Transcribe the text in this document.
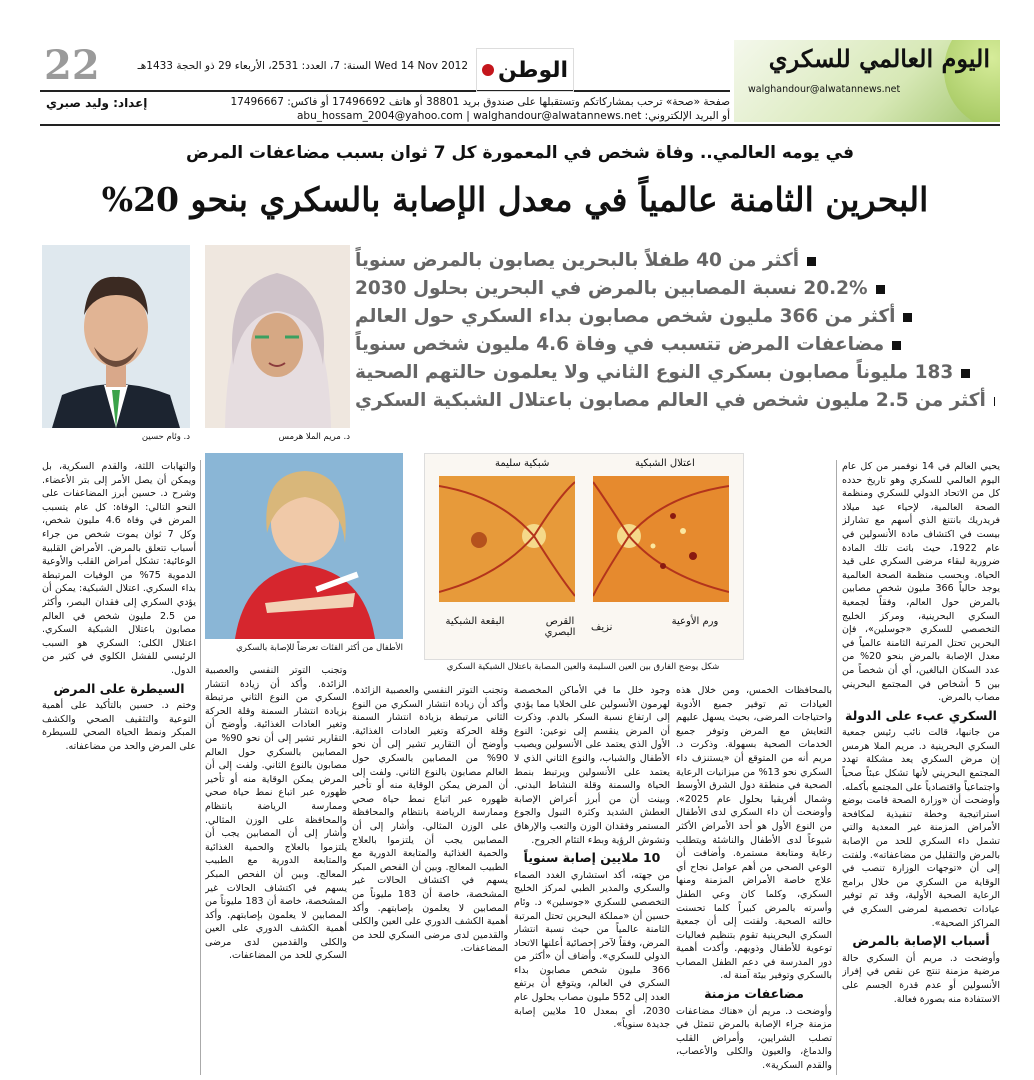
22	Wed 14 Nov 2012 السنة: 7، العدد: 2531، الأربعاء 29 ذو الحجة 1433هـ الوطن
إعداد: وليد صبري	صفحة «صحة» ترحب بمشاركاتكم وتستقبلها على صندوق بريد 38801 أو هاتف 17496692 أو فاكس: 17496667
أو البريد الإلكتروني: abu_hossam_2004@yahoo.com | walghandour@alwatannews.net
اليوم العالمي للسكري
walghandour@alwatannews.net
في يومه العالمي.. وفاة شخص في المعمورة كل 7 ثوان بسبب مضاعفات المرض
البحرين الثامنة عالمياً في معدل الإصابة بالسكري بنحو 20%
د. وئام حسين	د. مريم الملا هرمس
أكثر من 40 طفلاً بالبحرين يصابون بالمرض سنوياً
20.2% نسبة المصابين بالمرض في البحرين بحلول 2030
أكثر من 366 مليون شخص مصابون بداء السكري حول العالم
مضاعفات المرض تتسبب في وفاة 4.6 مليون شخص سنوياً
183 مليوناً مصابون بسكري النوع الثاني ولا يعلمون حالتهم الصحية
أكثر من 2.5 مليون شخص في العالم مصابون باعتلال الشبكية السكري
الأطفال من أكثر الفئات تعرضاً للإصابة بالسكري
اعتلال الشبكية
شبكية سليمة
نزيف
ورم الأوعية
القرص البصري
البقعة الشبكية
شكل يوضح الفارق بين العين السليمة والعين المصابة باعتلال الشبكية السكري

يحيي العالم في 14 نوفمبر من كل عام اليوم العالمي للسكري وهو تاريخ حدده كل من الاتحاد الدولي للسكري ومنظمة الصحة العالمية، لإحياء عيد ميلاد فريدريك بانتنغ الذي أسهم مع تشارلز بيست في اكتشاف مادة الأنسولين في عام 1922، حيث باتت تلك المادة ضرورية لبقاء مرضى السكري على قيد الحياة. وبحسب منظمة الصحة العالمية يوجد حالياً 366 مليون شخص مصابين بالمرض حول العالم، وفقاً لجمعية السكري البحرينية، ومركز الخليج التخصصي للسكري «جوسلين»، فإن البحرين تحتل المرتبة الثامنة عالمياً في معدل الإصابة بالمرض بنحو 20% من عدد السكان البالغين، أي أن شخصاً من بين 5 أشخاص في المجتمع البحريني مصاب بالمرض.

السكري عبء على الدولة

من جانبها، قالت نائب رئيس جمعية السكري البحرينية د. مريم الملا هرمس إن مرض السكري يعد مشكلة تهدد المجتمع البحريني لأنها تشكل عبئاً صحياً واجتماعياً واقتصادياً على المجتمع بأكمله. وأوضحت أن «وزارة الصحة قامت بوضع استراتيجية وخطة تنفيذية لمكافحة الأمراض المزمنة غير المعدية والتي تشمل داء السكري للحد من الإصابة بالمرض والتقليل من مضاعفاته». ولفتت إلى أن «توجهات الوزارة تنصب في الوقاية من السكري من خلال برامج الرعاية الصحية الأولية، وقد تم توفير عيادات تخصصية لمرضى السكري في المراكز الصحية».

أسباب الإصابة بالمرض

وأوضحت د. مريم أن السكري حالة مرضية مزمنة تنتج عن نقص في إفراز الأنسولين أو عدم قدرة الجسم على الاستفادة منه بصورة فعالة.

بالمحافظات الخمس، ومن خلال هذه العيادات تم توفير جميع الأدوية واحتياجات المرضى، بحيث يسهل عليهم التعايش مع المرض وتوفر جميع الخدمات الصحية بسهولة. وذكرت د. مريم أنه من المتوقع أن «يستنزف داء السكري نحو 13% من ميزانيات الرعاية الصحية في منطقة دول الشرق الأوسط وشمال أفريقيا بحلول عام 2025». وأوضحت أن داء السكري لدى الأطفال من النوع الأول هو أحد الأمراض الأكثر شيوعاً لدى الأطفال والناشئة ويتطلب رعاية ومتابعة مستمرة. وأضافت أن الوعي الصحي من أهم عوامل نجاح أي علاج خاصة الأمراض المزمنة ومنها السكري، وكلما كان وعي الطفل وأسرته بالمرض كبيراً كلما تحسنت حالته الصحية. ولفتت إلى أن جمعية السكري البحرينية تقوم بتنظيم فعاليات توعوية للأطفال وذويهم. وأكدت أهمية دور المدرسة في دعم الطفل المصاب بالسكري وتوفير بيئة آمنة له.

مضاعفات مزمنة

وأوضحت د. مريم أن «هناك مضاعفات مزمنة جراء الإصابة بالمرض تتمثل في تصلب الشرايين، وأمراض القلب والدماغ، والعيون والكلى والأعصاب، والقدم السكرية».

وجود خلل ما في الأماكن المخصصة لهرمون الأنسولين على الخلايا مما يؤدي إلى ارتفاع نسبة السكر بالدم. وذكرت أن المرض ينقسم إلى نوعين: النوع الأول الذي يعتمد على الأنسولين ويصيب الأطفال والشباب، والنوع الثاني الذي لا يعتمد على الأنسولين ويرتبط بنمط الحياة والسمنة وقلة النشاط البدني. وبينت أن من أبرز أعراض الإصابة العطش الشديد وكثرة التبول والجوع المستمر وفقدان الوزن والتعب والإرهاق وتشوش الرؤية وبطء التئام الجروح.

10 ملايين إصابة سنوياً

من جهته، أكد استشاري الغدد الصماء والسكري والمدير الطبي لمركز الخليج التخصصي للسكري «جوسلين» د. وئام حسين أن «مملكة البحرين تحتل المرتبة الثامنة عالمياً من حيث نسبة انتشار المرض، وفقاً لآخر إحصائية أعلنها الاتحاد الدولي للسكري». وأضاف أن «أكثر من 366 مليون شخص مصابون بداء السكري في العالم، ويتوقع أن يرتفع العدد إلى 552 مليون مصاب بحلول عام 2030، أي بمعدل 10 ملايين إصابة جديدة سنوياً».

وتجنب التوتر النفسي والعصبية الزائدة. وأكد أن زيادة انتشار السكري من النوع الثاني مرتبطة بزيادة انتشار السمنة وقلة الحركة وتغير العادات الغذائية. وأوضح أن التقارير تشير إلى أن نحو 90% من المصابين بالسكري حول العالم مصابون بالنوع الثاني. ولفت إلى أن المرض يمكن الوقاية منه أو تأخير ظهوره عبر اتباع نمط حياة صحي وممارسة الرياضة بانتظام والمحافظة على الوزن المثالي. وأشار إلى أن المصابين يجب أن يلتزموا بالعلاج والحمية الغذائية والمتابعة الدورية مع الطبيب المعالج. وبين أن الفحص المبكر يسهم في اكتشاف الحالات غير المشخصة، خاصة أن 183 مليوناً من المصابين لا يعلمون بإصابتهم. وأكد أهمية الكشف الدوري على العين والكلى والقدمين لدى مرضى السكري للحد من المضاعفات.

وتجنب التوتر النفسي والعصبية الزائدة. وأكد أن زيادة انتشار السكري من النوع الثاني مرتبطة بزيادة انتشار السمنة وقلة الحركة وتغير العادات الغذائية. وأوضح أن التقارير تشير إلى أن نحو 90% من المصابين بالسكري حول العالم مصابون بالنوع الثاني. ولفت إلى أن المرض يمكن الوقاية منه أو تأخير ظهوره عبر اتباع نمط حياة صحي وممارسة الرياضة بانتظام والمحافظة على الوزن المثالي. وأشار إلى أن المصابين يجب أن يلتزموا بالعلاج والحمية الغذائية والمتابعة الدورية مع الطبيب المعالج. وبين أن الفحص المبكر يسهم في اكتشاف الحالات غير المشخصة، خاصة أن 183 مليوناً من المصابين لا يعلمون بإصابتهم. وأكد أهمية الكشف الدوري على العين والكلى والقدمين لدى مرضى السكري للحد من المضاعفات.

والتهابات اللثة، والقدم السكرية، بل ويمكن أن يصل الأمر إلى بتر الأعضاء. وشرح د. حسين أبرز المضاعفات على النحو التالي: الوفاة: كل عام يتسبب المرض في وفاة 4.6 مليون شخص، وكل 7 ثوان يموت شخص من جراء أسباب تتعلق بالمرض. الأمراض القلبية الوعائية: تشكل أمراض القلب والأوعية الدموية 75% من الوفيات المرتبطة بداء السكري. اعتلال الشبكية: يمكن أن يؤدي السكري إلى فقدان البصر، وأكثر من 2.5 مليون شخص في العالم مصابون باعتلال الشبكية السكري. اعتلال الكلى: السكري هو السبب الرئيسي للفشل الكلوي في كثير من الدول.

السيطرة على المرض

وختم د. حسين بالتأكيد على أهمية التوعية والتثقيف الصحي والكشف المبكر ونمط الحياة الصحي للسيطرة على المرض والحد من مضاعفاته.
